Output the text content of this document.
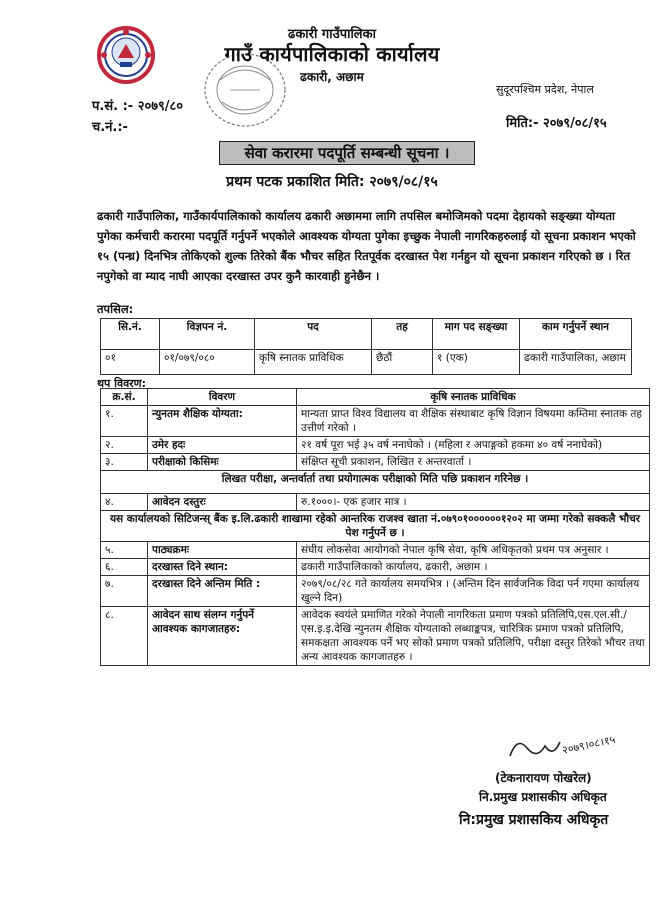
ढकारी गाउँपालिका
गाउँ कार्यपालिकाको कार्यालय
ढकारी, अछाम
सुदूरपश्चिम प्रदेश, नेपाल
प.सं. :- २०७९/८०
च.नं.:-	मिति:- २०७९/०८/१५
सेवा करारमा पदपूर्ति सम्बन्धी सूचना ।
प्रथम पटक प्रकाशित मिति: २०७९/०८/१५
ढकारी गाउँपालिका, गाउँकार्यपालिकाको कार्यालय ढकारी अछाममा लागि तपसिल बमोजिमको पदमा देहायको सङ्ख्या योग्यता पुगेका कर्मचारी करारमा पदपूर्ति गर्नुपर्ने भएकोले आवश्यक योग्यता पुगेका इच्छुक नेपाली नागरिकहरुलाई यो सूचना प्रकाशन भएको १५ (पन्ध्र) दिनभित्र तोकिएको शुल्क तिरेको बैंक भौचर सहित रितपूर्वक दरखास्त पेश गर्नहुन यो सूचना प्रकाशन गरिएको छ । रित नपुगेको वा म्याद नाघी आएका दरखास्त उपर कुनै कारवाही हुनेछैन ।
तपसिल:
सि.नं.	विज्ञपन नं.	पद	तह	माग पद सङ्ख्या	काम गर्नुपर्ने स्थान
०१	०१/०७९/०८०	कृषि स्नातक प्राविधिक	छैठौं	१ (एक)	ढकारी गाउँपालिका, अछाम
थप विवरण:
क्र.सं.	विवरण	कृषि स्नातक प्राविधिक
१.	न्युनतम शैक्षिक योग्यता:	मान्यता प्राप्त विश्व विद्यालय वा शैक्षिक संस्थाबाट कृषि विज्ञान विषयमा कम्तिमा स्नातक तह उत्तीर्ण गरेको ।
२.	उमेर हदः	२१ वर्ष पूरा भई ३५ वर्ष ननाघेको । (महिला र अपाङ्गको हकमा ४० वर्ष ननाघेको)
३.	परीक्षाको किसिमः	संक्षिप्त सूची प्रकाशन, लिखित र अन्तरवार्ता ।
लिखत परीक्षा, अन्तर्वार्ता तथा प्रयोगात्मक परीक्षाको मिति पछि प्रकाशन गरिनेछ ।		
४.	आवेदन दस्तुरः	रु.१०००।- एक हजार मात्र ।
यस कार्यालयको सिटिजन्स् बैंक इ.लि.ढकारी शाखामा रहेको आन्तरिक राजश्व खाता नं.०७९०१००००००१२०२ मा जम्मा गरेको सक्कलै भौचर पेश गर्नुपर्ने छ ।		
५.	पाठ्यक्रमः	संघीय लोकसेवा आयोगको नेपाल कृषि सेवा, कृषि अधिकृतको प्रथम पत्र अनुसार ।
६.	दरखास्त दिने स्थान:	ढकारी गाउँपालिकाको कार्यालय, ढकारी, अछाम ।
७.	दरखास्त दिने अन्तिम मिति :	२०७९/०८/२८ गते कार्यालय समयभित्र । (अन्तिम दिन सार्वजनिक विदा पर्न गएमा कार्यालय खुल्ने दिन)
८.	आवेदन साथ संलग्न गर्नुपर्ने आवश्यक कागजातहरु:	आवेदक स्वयंले प्रमाणित गरेको नेपाली नागरिकता प्रमाण पत्रको प्रतिलिपि,एस.एल.सी./एस.इ.इ.देखि न्युनतम शैक्षिक योग्यताको लब्धाङ्कपत्र, चारित्रिक प्रमाण पत्रको प्रतिलिपि, समकक्षता आवश्यक पर्ने भए सोको प्रमाण पत्रको प्रतिलिपि, परीक्षा दस्तुर तिरेको भौचर तथा अन्य आवश्यक कागजातहरु ।
२०७९।०८।१५
(टेकनारायण पोखरेल)
नि.प्रमुख प्रशासकीय अधिकृत
नि:प्रमुख प्रशासकिय अधिकृत
